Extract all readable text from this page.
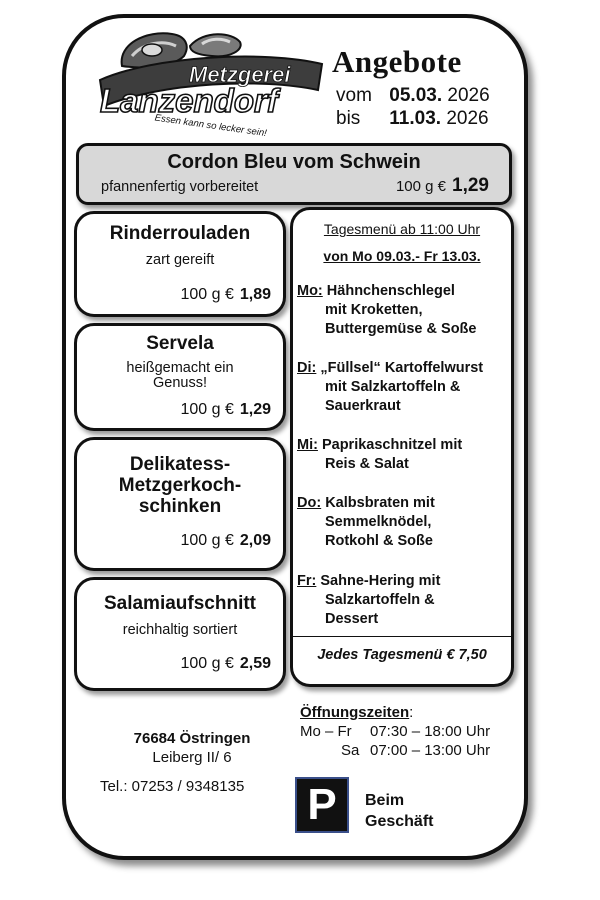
Metzgerei
Lanzendorf
Essen kann so lecker sein!
Angebote
vom 05.03. 2026
bis 11.03. 2026
Cordon Bleu vom Schwein
pfannenfertig vorbereitet	100 g € 1,29
Rinderrouladen
zart gereift
100 g € 1,89
Servela
heißgemacht ein
Genuss!
100 g € 1,29
Delikatess-
Metzgerkoch-
schinken
100 g € 2,09
Salamiaufschnitt
reichhaltig sortiert
100 g € 2,59
Tagesmenü ab 11:00 Uhr
von Mo 09.03.- Fr 13.03.
Mo: Hähnchenschlegel
mit Kroketten,
Buttergemüse & Soße
Di: „Füllsel“ Kartoffelwurst
mit Salzkartoffeln &
Sauerkraut
Mi: Paprikaschnitzel mit
Reis & Salat
Do: Kalbsbraten mit
Semmelknödel,
Rotkohl & Soße
Fr: Sahne-Hering mit
Salzkartoffeln &
Dessert
Jedes Tagesmenü € 7,50
76684 Östringen
Leiberg II/ 6
Tel.: 07253 / 9348135
Öffnungszeiten:
Mo – Fr 07:30 – 18:00 Uhr
Sa 07:00 – 13:00 Uhr
P	Beim
Geschäft
